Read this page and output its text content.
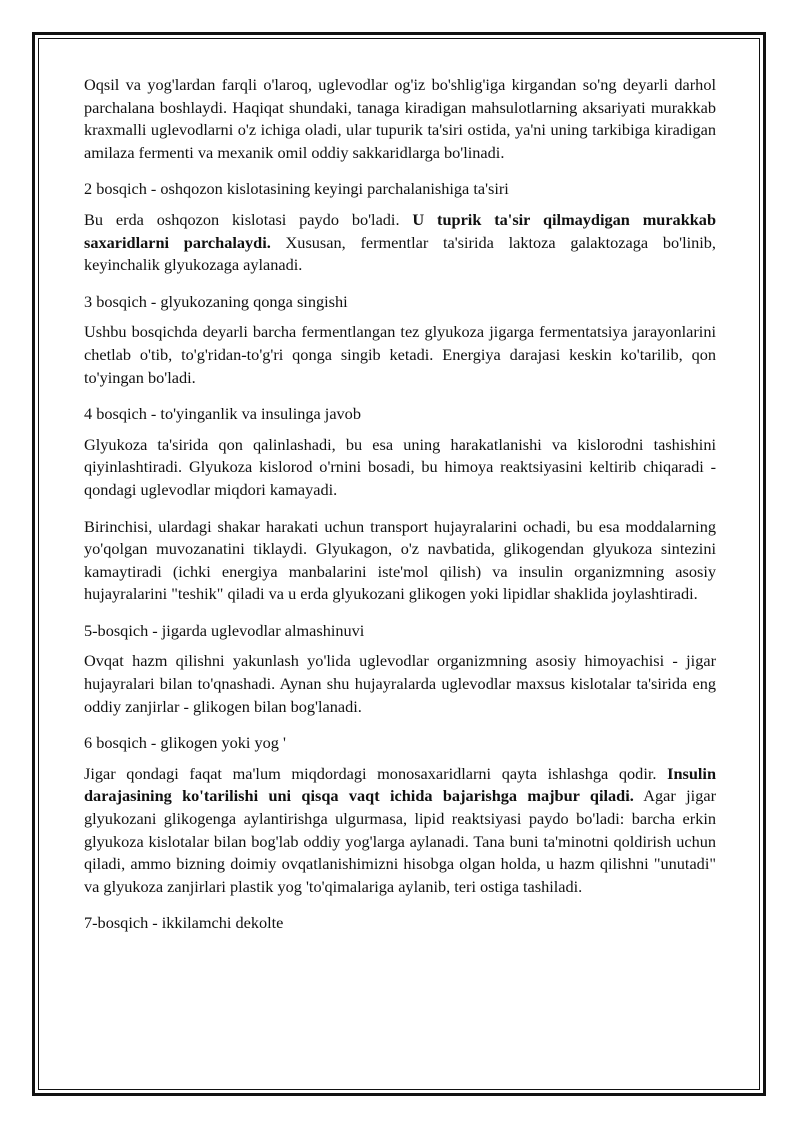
Oqsil va yog'lardan farqli o'laroq, uglevodlar og'iz bo'shlig'iga kirgandan so'ng deyarli darhol parchalana boshlaydi. Haqiqat shundaki, tanaga kiradigan mahsulotlarning aksariyati murakkab kraxmalli uglevodlarni o'z ichiga oladi, ular tupurik ta'siri ostida, ya'ni uning tarkibiga kiradigan amilaza fermenti va mexanik omil oddiy sakkaridlarga bo'linadi.

2 bosqich - oshqozon kislotasining keyingi parchalanishiga ta'siri

Bu erda oshqozon kislotasi paydo bo'ladi. U tuprik ta'sir qilmaydigan murakkab saxaridlarni parchalaydi. Xususan, fermentlar ta'sirida laktoza galaktozaga bo'linib, keyinchalik glyukozaga aylanadi.

3 bosqich - glyukozaning qonga singishi

Ushbu bosqichda deyarli barcha fermentlangan tez glyukoza jigarga fermentatsiya jarayonlarini chetlab o'tib, to'g'ridan-to'g'ri qonga singib ketadi. Energiya darajasi keskin ko'tarilib, qon to'yingan bo'ladi.

4 bosqich - to'yinganlik va insulinga javob

Glyukoza ta'sirida qon qalinlashadi, bu esa uning harakatlanishi va kislorodni tashishini qiyinlashtiradi. Glyukoza kislorod o'rnini bosadi, bu himoya reaktsiyasini keltirib chiqaradi - qondagi uglevodlar miqdori kamayadi.

Birinchisi, ulardagi shakar harakati uchun transport hujayralarini ochadi, bu esa moddalarning yo'qolgan muvozanatini tiklaydi. Glyukagon, o'z navbatida, glikogendan glyukoza sintezini kamaytiradi (ichki energiya manbalarini iste'mol qilish) va insulin organizmning asosiy hujayralarini "teshik" qiladi va u erda glyukozani glikogen yoki lipidlar shaklida joylashtiradi.

5-bosqich - jigarda uglevodlar almashinuvi

Ovqat hazm qilishni yakunlash yo'lida uglevodlar organizmning asosiy himoyachisi - jigar hujayralari bilan to'qnashadi. Aynan shu hujayralarda uglevodlar maxsus kislotalar ta'sirida eng oddiy zanjirlar - glikogen bilan bog'lanadi.

6 bosqich - glikogen yoki yog '

Jigar qondagi faqat ma'lum miqdordagi monosaxaridlarni qayta ishlashga qodir. Insulin darajasining ko'tarilishi uni qisqa vaqt ichida bajarishga majbur qiladi. Agar jigar glyukozani glikogenga aylantirishga ulgurmasa, lipid reaktsiyasi paydo bo'ladi: barcha erkin glyukoza kislotalar bilan bog'lab oddiy yog'larga aylanadi. Tana buni ta'minotni qoldirish uchun qiladi, ammo bizning doimiy ovqatlanishimizni hisobga olgan holda, u hazm qilishni "unutadi" va glyukoza zanjirlari plastik yog 'to'qimalariga aylanib, teri ostiga tashiladi.

7-bosqich - ikkilamchi dekolte
